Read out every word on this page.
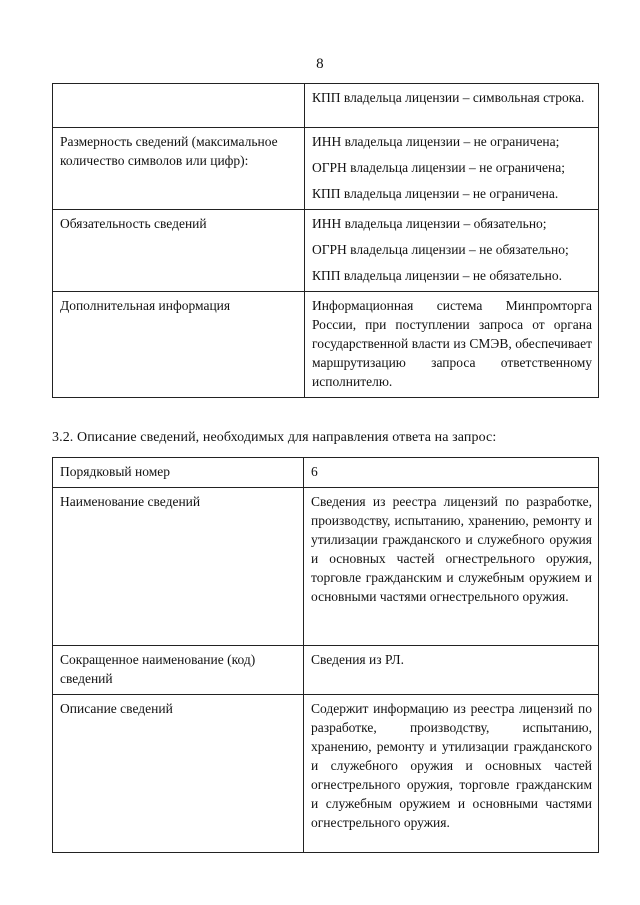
8

	КПП владельца лицензии – символьная строка.

Размерность сведений (максимальное количество символов или цифр):	ИНН владельца лицензии – не ограничена;
ОГРН владельца лицензии – не ограничена;
КПП владельца лицензии – не ограничена.

Обязательность сведений	ИНН владельца лицензии – обязательно;
ОГРН владельца лицензии – не обязательно;
КПП владельца лицензии – не обязательно.

Дополнительная информация	Информационная система Минпромторга России, при поступлении запроса от органа государственной власти из СМЭВ, обеспечивает маршрутизацию запроса ответственному исполнителю.
3.2. Описание сведений, необходимых для направления ответа на запрос:
Порядковый номер	6
Наименование сведений	Сведения из реестра лицензий по разработке, производству, испытанию, хранению, ремонту и утилизации гражданского и служебного оружия и основных частей огнестрельного оружия, торговле гражданским и служебным оружием и основными частями огнестрельного оружия.
Сокращенное наименование (код) сведений	Сведения из РЛ.
Описание сведений	Содержит информацию из реестра лицензий по разработке, производству, испытанию, хранению, ремонту и утилизации гражданского и служебного оружия и основных частей огнестрельного оружия, торговле гражданским и служебным оружием и основными частями огнестрельного оружия.
